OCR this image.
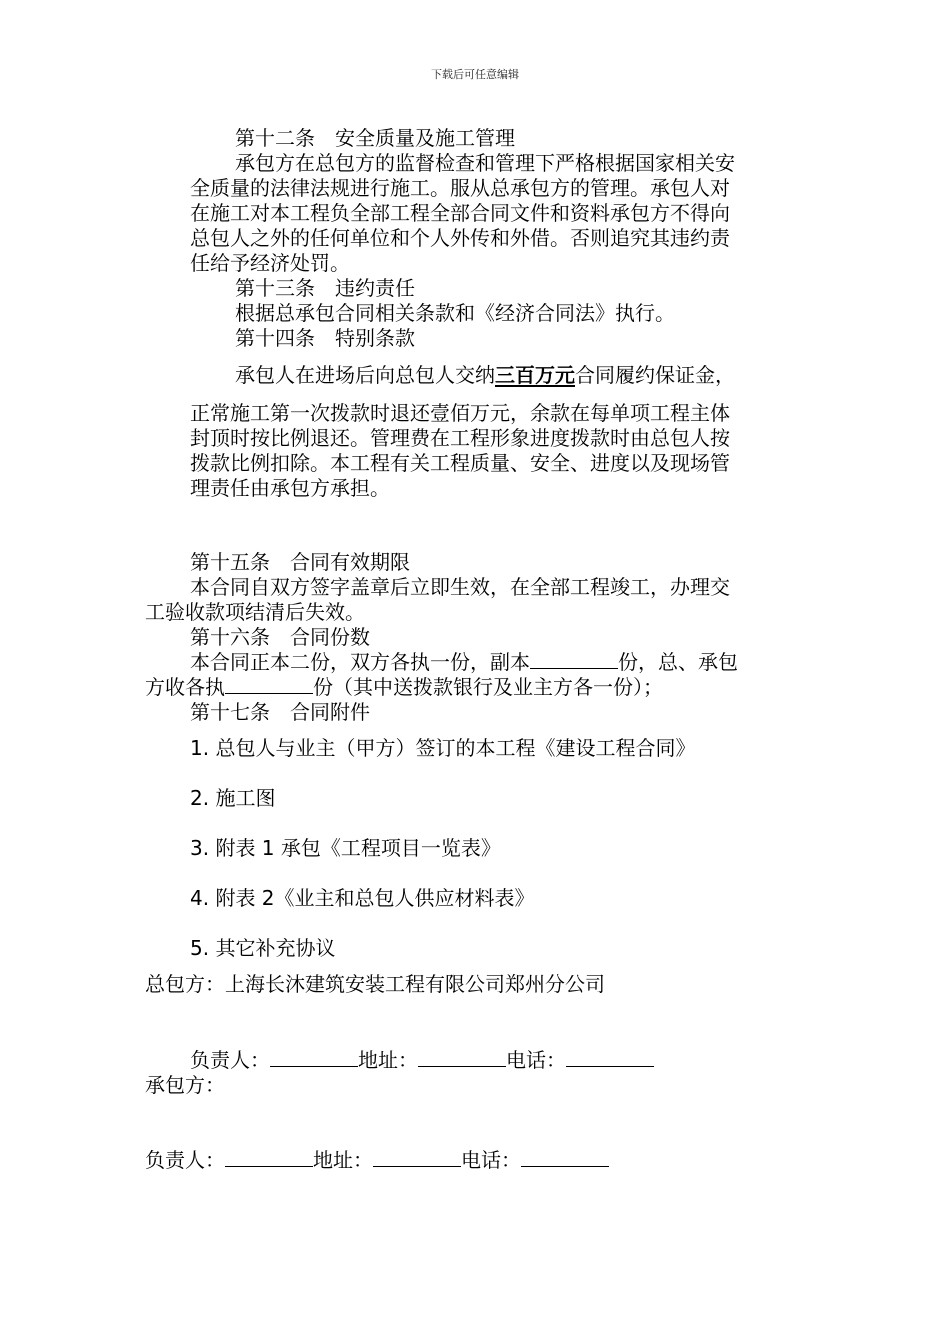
下载后可任意编辑
第十二条　安全质量及施工管理
承包方在总包方的监督检查和管理下严格根据国家相关安
全质量的法律法规进行施工。服从总承包方的管理。承包人对
在施工对本工程负全部工程全部合同文件和资料承包方不得向
总包人之外的任何单位和个人外传和外借。否则追究其违约责
任给予经济处罚。
第十三条　违约责任
根据总承包合同相关条款和《经济合同法》执行。
第十四条　特别条款
承包人在进场后向总包人交纳三百万元合同履约保证金，
正常施工第一次拨款时退还壹佰万元，余款在每单项工程主体
封顶时按比例退还。管理费在工程形象进度拨款时由总包人按
拨款比例扣除。本工程有关工程质量、安全、进度以及现场管
理责任由承包方承担。
第十五条　合同有效期限
本合同自双方签字盖章后立即生效，在全部工程竣工，办理交
工验收款项结清后失效。
第十六条　合同份数
本合同正本二份，双方各执一份，副本	份，总、承包
方收各执	份（其中送拨款银行及业主方各一份）；
第十七条　合同附件
1. 总包人与业主（甲方）签订的本工程《建设工程合同》
2. 施工图
3. 附表 1 承包《工程项目一览表》
4. 附表 2《业主和总包人供应材料表》
5. 其它补充协议
总包方：上海长沐建筑安装工程有限公司郑州分公司
负责人：	地址：	电话：
承包方：
负责人：	地址：	电话：
